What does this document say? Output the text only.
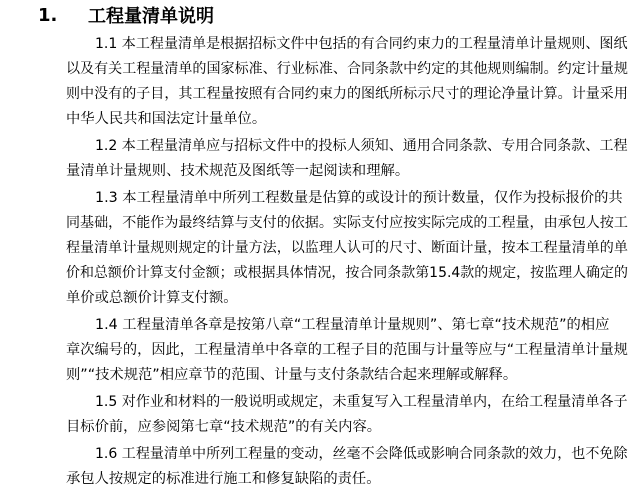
1.	工程量清单说明
1.1 本工程量清单是根据招标文件中包括的有合同约束力的工程量清单计量规则、图纸
以及有关工程量清单的国家标准、行业标准、合同条款中约定的其他规则编制。约定计量规
则中没有的子目，其工程量按照有合同约束力的图纸所标示尺寸的理论净量计算。计量采用
中华人民共和国法定计量单位。
1.2 本工程量清单应与招标文件中的投标人须知、通用合同条款、专用合同条款、工程
量清单计量规则、技术规范及图纸等一起阅读和理解。
1.3 本工程量清单中所列工程数量是估算的或设计的预计数量，仅作为投标报价的共
同基础，不能作为最终结算与支付的依据。实际支付应按实际完成的工程量，由承包人按工
程量清单计量规则规定的计量方法，以监理人认可的尺寸、断面计量，按本工程量清单的单
价和总额价计算支付金额；或根据具体情况，按合同条款第15.4款的规定，按监理人确定的
单价或总额价计算支付额。
1.4 工程量清单各章是按第八章“工程量清单计量规则”、第七章“技术规范”的相应
章次编号的，因此，工程量清单中各章的工程子目的范围与计量等应与“工程量清单计量规
则”“技术规范”相应章节的范围、计量与支付条款结合起来理解或解释。
1.5 对作业和材料的一般说明或规定，未重复写入工程量清单内，在给工程量清单各子
目标价前，应参阅第七章“技术规范”的有关内容。
1.6 工程量清单中所列工程量的变动，丝毫不会降低或影响合同条款的效力，也不免除
承包人按规定的标准进行施工和修复缺陷的责任。
